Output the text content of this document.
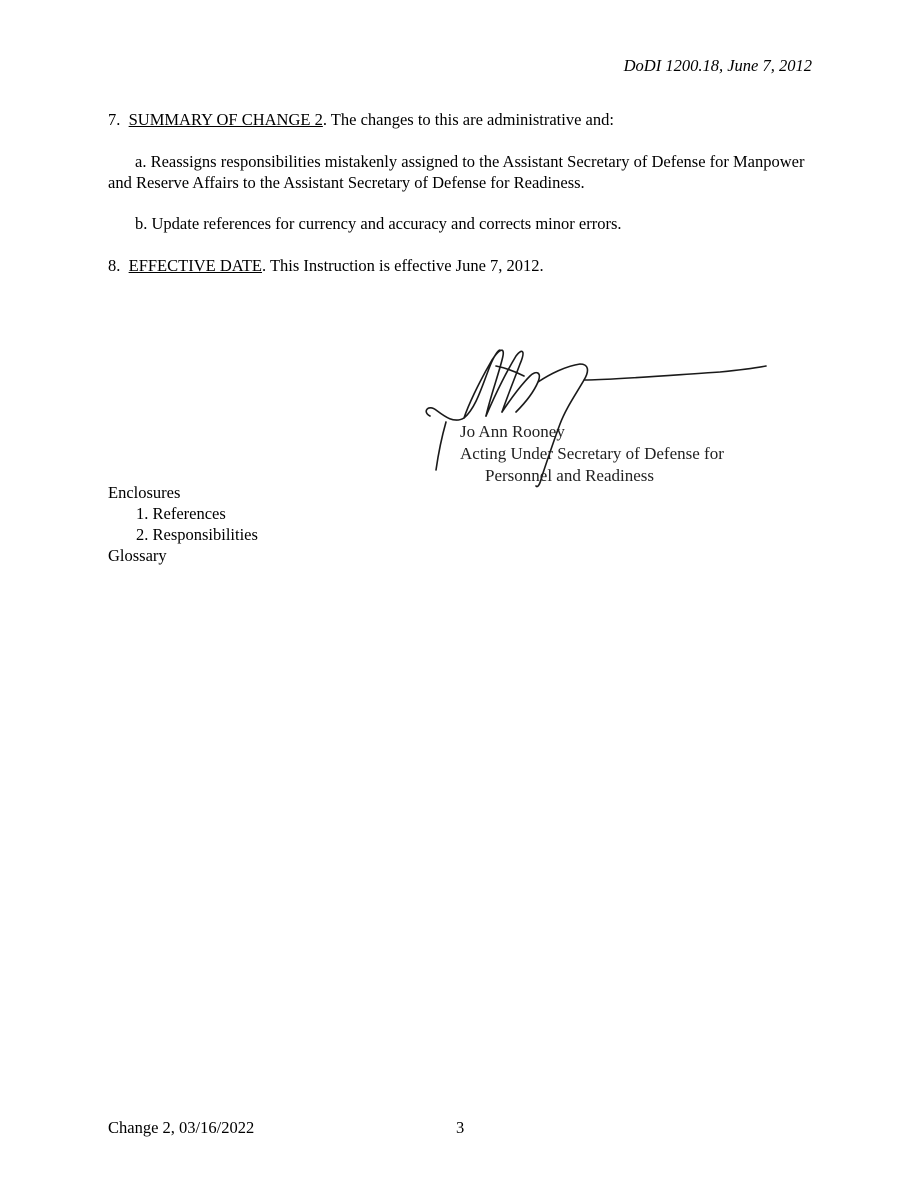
DoDI 1200.18, June 7, 2012

7. SUMMARY OF CHANGE 2. The changes to this are administrative and:

a. Reassigns responsibilities mistakenly assigned to the Assistant Secretary of Defense for Manpower and Reserve Affairs to the Assistant Secretary of Defense for Readiness.

b. Update references for currency and accuracy and corrects minor errors.

8. EFFECTIVE DATE. This Instruction is effective June 7, 2012.

Jo Ann Rooney
Acting Under Secretary of Defense for
Personnel and Readiness
Enclosures
1. References
2. Responsibilities
Glossary
Change 2, 03/16/2022	3
